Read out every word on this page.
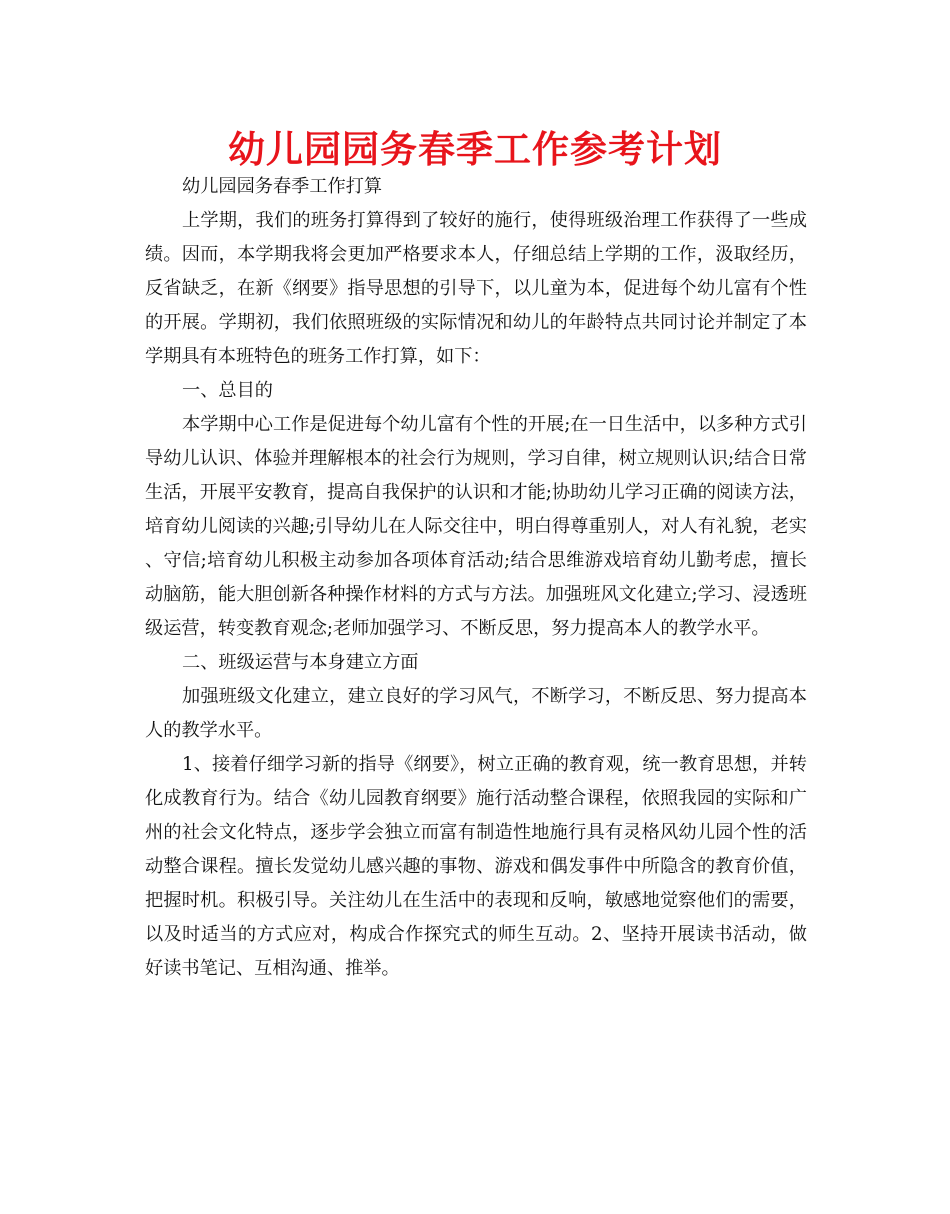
幼儿园园务春季工作参考计划

幼儿园园务春季工作打算

上学期，我们的班务打算得到了较好的施行，使得班级治理工作获得了一些成绩。因而，本学期我将会更加严格要求本人，仔细总结上学期的工作，汲取经历，反省缺乏，在新《纲要》指导思想的引导下，以儿童为本，促进每个幼儿富有个性的开展。学期初，我们依照班级的实际情况和幼儿的年龄特点共同讨论并制定了本学期具有本班特色的班务工作打算，如下：

一、总目的

本学期中心工作是促进每个幼儿富有个性的开展;在一日生活中，以多种方式引导幼儿认识、体验并理解根本的社会行为规则，学习自律，树立规则认识;结合日常生活，开展平安教育，提高自我保护的认识和才能;协助幼儿学习正确的阅读方法，培育幼儿阅读的兴趣;引导幼儿在人际交往中，明白得尊重别人，对人有礼貌，老实、守信;培育幼儿积极主动参加各项体育活动;结合思维游戏培育幼儿勤考虑，擅长动脑筋，能大胆创新各种操作材料的方式与方法。加强班风文化建立;学习、浸透班级运营，转变教育观念;老师加强学习、不断反思，努力提高本人的教学水平。

二、班级运营与本身建立方面

加强班级文化建立，建立良好的学习风气，不断学习，不断反思、努力提高本人的教学水平。

1、接着仔细学习新的指导《纲要》，树立正确的教育观，统一教育思想，并转化成教育行为。结合《幼儿园教育纲要》施行活动整合课程，依照我园的实际和广州的社会文化特点，逐步学会独立而富有制造性地施行具有灵格风幼儿园个性的活动整合课程。擅长发觉幼儿感兴趣的事物、游戏和偶发事件中所隐含的教育价值，把握时机。积极引导。关注幼儿在生活中的表现和反响，敏感地觉察他们的需要，以及时适当的方式应对，构成合作探究式的师生互动。2、坚持开展读书活动，做好读书笔记、互相沟通、推举。
